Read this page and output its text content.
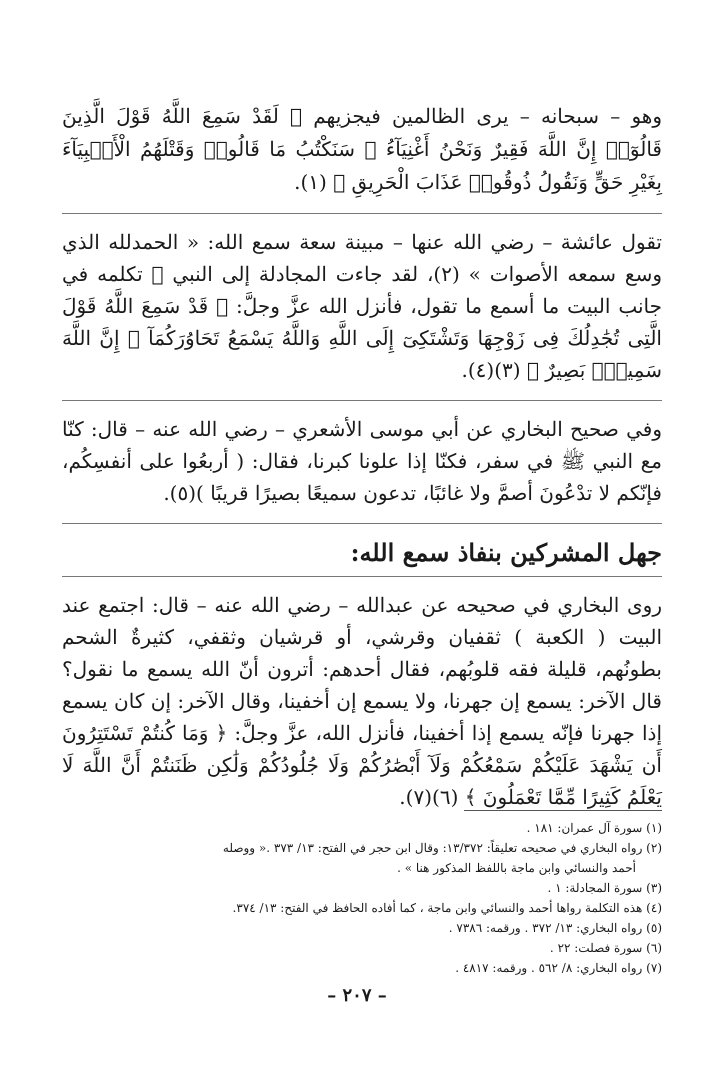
وهو – سبحانه – يرى الظالمين فيجزيهم ﴿ لَقَدْ سَمِعَ اللَّهُ قَوْلَ الَّذِينَ قَالُوٓا۟ إِنَّ اللَّهَ فَقِيرٌ وَنَحْنُ أَغْنِيَآءُ ۘ سَنَكْتُبُ مَا قَالُوا۟ وَقَتْلَهُمُ الْأَنۢبِيَآءَ بِغَيْرِ حَقٍّ وَنَقُولُ ذُوقُوا۟ عَذَابَ الْحَرِيقِ ﴾ (١).

تقول عائشة – رضي الله عنها – مبينة سعة سمع الله: « الحمدلله الذي وسع سمعه الأصوات » (٢)، لقد جاءت المجادلة إلى النبي ﷺ تكلمه في جانب البيت ما أسمع ما تقول، فأنزل الله عزَّ وجلَّ: ﴿ قَدْ سَمِعَ اللَّهُ قَوْلَ الَّتِى تُجَٰدِلُكَ فِى زَوْجِهَا وَتَشْتَكِىٓ إِلَى اللَّهِ وَاللَّهُ يَسْمَعُ تَحَاوُرَكُمَآ ۚ إِنَّ اللَّهَ سَمِيعٌۢ بَصِيرٌ ﴾ (٣)(٤).

وفي صحيح البخاري عن أبي موسى الأشعري – رضي الله عنه – قال: كنّا مع النبي ﷺ في سفر، فكنّا إذا علونا كبرنا، فقال: ( أربعُوا على أنفسِكُم، فإنّكم لا تدْعُونَ أصمَّ ولا غائبًا، تدعون سميعًا بصيرًا قريبًا )(٥).

جهل المشركين بنفاذ سمع الله:

روى البخاري في صحيحه عن عبدالله – رضي الله عنه – قال: اجتمع عند البيت ( الكعبة ) ثقفيان وقرشي، أو قرشيان وثقفي، كثيرةٌ الشحم بطونُهم، قليلة فقه قلوبُهم، فقال أحدهم: أترون أنّ الله يسمع ما نقول؟ قال الآخر: يسمع إن جهرنا، ولا يسمع إن أخفينا، وقال الآخر: إن كان يسمع إذا جهرنا فإنّه يسمع إذا أخفينا، فأنزل الله، عزَّ وجلَّ: ﴿ وَمَا كُنتُمْ تَسْتَتِرُونَ أَن يَشْهَدَ عَلَيْكُمْ سَمْعُكُمْ وَلَآ أَبْصَٰرُكُمْ وَلَا جُلُودُكُمْ وَلَٰكِن ظَنَنتُمْ أَنَّ اللَّهَ لَا يَعْلَمُ كَثِيرًا مِّمَّا تَعْمَلُونَ ﴾ (٦)(٧).

(١) سورة آل عمران: ١٨١ .

(٢) رواه البخاري في صحيحه تعليقاً: ١٣/٣٧٢: وقال ابن حجر في الفتح: ١٣/ ٣٧٣ .« ووصله

أحمد والنسائي وابن ماجة باللفظ المذكور هنا » .

(٣) سورة المجادلة: ١ .

(٤) هذه التكلمة رواها أحمد والنسائي وابن ماجة ، كما أفاده الحافظ في الفتح: ١٣/ ٣٧٤.

(٥) رواه البخاري: ١٣/ ٣٧٢ . ورقمه: ٧٣٨٦ .

(٦) سورة فصلت: ٢٢ .

(٧) رواه البخاري: ٨/ ٥٦٢ . ورقمه: ٤٨١٧ .

– ٢٠٧ –
